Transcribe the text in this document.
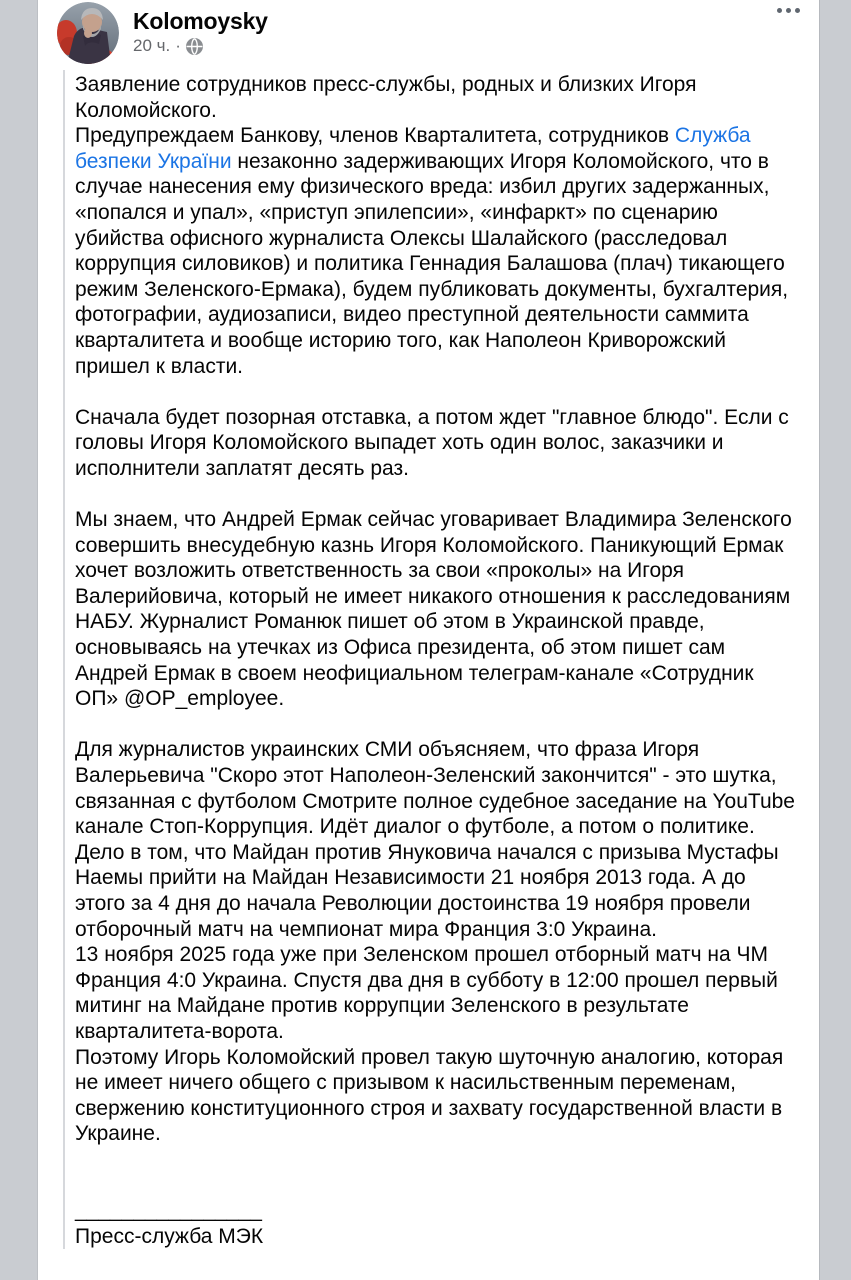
Kolomoysky
20 ч. ·
Заявление сотрудников пресс-службы, родных и близких Игоря Коломойского.
Предупреждаем Банкову, членов Кварталитета, сотрудников Служба безпеки України незаконно задерживающих Игоря Коломойского, что в случае нанесения ему физического вреда: избил других задержанных, «попался и упал», «приступ эпилепсии», «инфаркт» по сценарию убийства офисного журналиста Олексы Шалайского (расследовал коррупция силовиков) и политика Геннадия Балашова (плач) тикающего режим Зеленского-Ермака), будем публиковать документы, бухгалтерия, фотографии, аудиозаписи, видео преступной деятельности саммита кварталитета и вообще историю того, как Наполеон Криворожский пришел к власти.

Сначала будет позорная отставка, а потом ждет "главное блюдо". Если с головы Игоря Коломойского выпадет хоть один волос, заказчики и исполнители заплатят десять раз.

Мы знаем, что Андрей Ермак сейчас уговаривает Владимира Зеленского совершить внесудебную казнь Игоря Коломойского. Паникующий Ермак хочет возложить ответственность за свои «проколы» на Игоря Валерийовича, который не имеет никакого отношения к расследованиям НАБУ. Журналист Романюк пишет об этом в Украинской правде, основываясь на утечках из Офиса президента, об этом пишет сам Андрей Ермак в своем неофициальном телеграм-канале «Сотрудник ОП» @OP_employee.

Для журналистов украинских СМИ объясняем, что фраза Игоря Валерьевича "Скоро этот Наполеон-Зеленский закончится" - это шутка, связанная с футболом Смотрите полное судебное заседание на YouTube канале Стоп-Коррупция. Идёт диалог о футболе, а потом о политике.
Дело в том, что Майдан против Януковича начался с призыва Мустафы Наемы прийти на Майдан Независимости 21 ноября 2013 года. А до этого за 4 дня до начала Революции достоинства 19 ноября провели отборочный матч на чемпионат мира Франция 3:0 Украина.
13 ноября 2025 года уже при Зеленском прошел отборный матч на ЧМ Франция 4:0 Украина. Спустя два дня в субботу в 12:00 прошел первый митинг на Майдане против коррупции Зеленского в результате кварталитета-ворота.
Поэтому Игорь Коломойский провел такую шуточную аналогию, которая не имеет ничего общего с призывом к насильственным переменам, свержению конституционного строя и захвату государственной власти в Украине.

________________
Пресс-служба МЭК
